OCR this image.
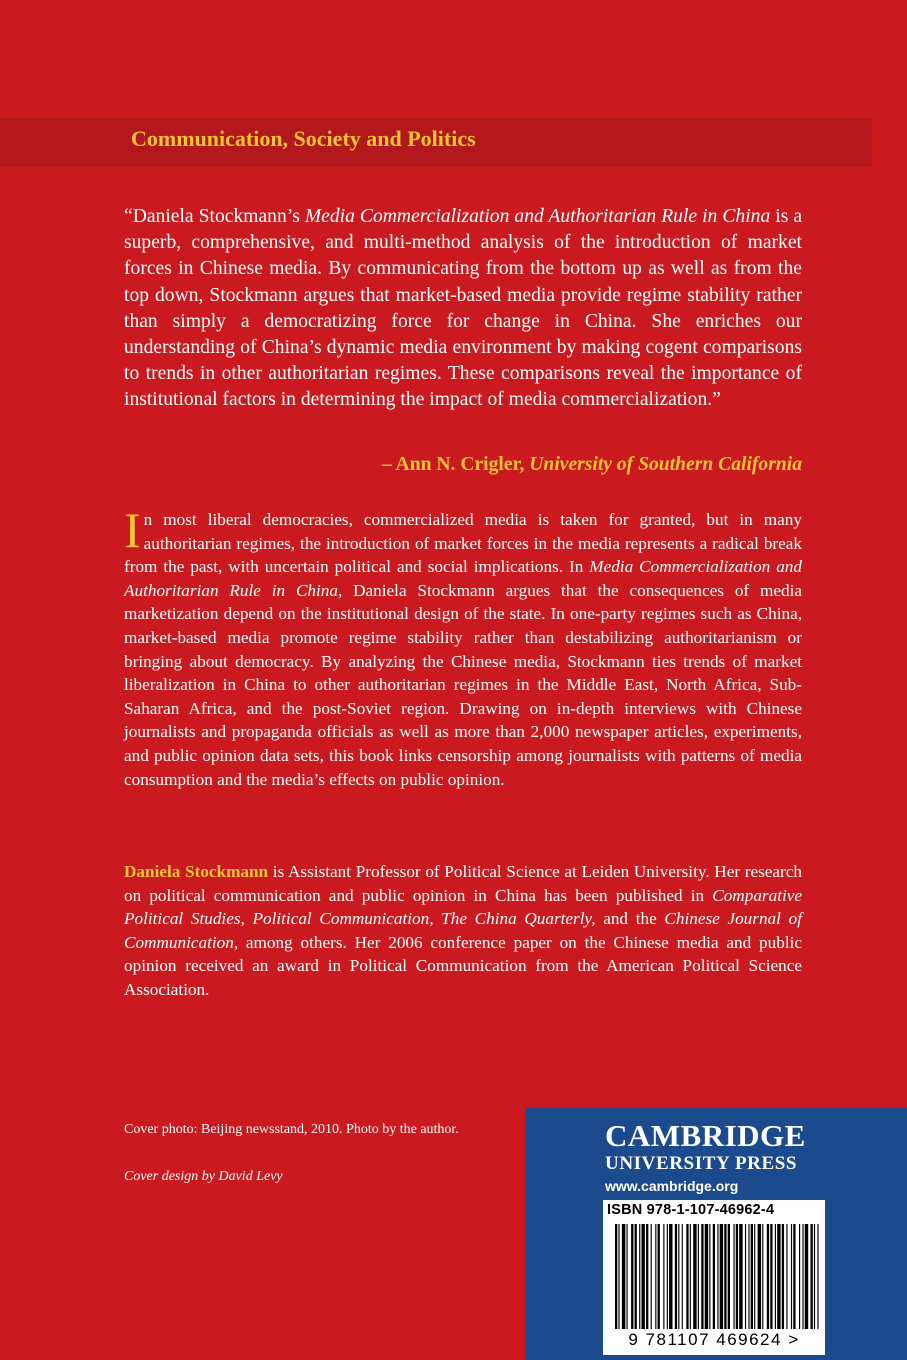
Communication, Society and Politics

“Daniela Stockmann’s Media Commercialization and Authoritarian Rule in China is a superb, comprehensive, and multi-method analysis of the introduction of market forces in Chinese media. By communicating from the bottom up as well as from the top down, Stockmann argues that market-based media provide regime stability rather than simply a democratizing force for change in China. She enriches our understanding of China’s dynamic media environment by making cogent comparisons to trends in other authoritarian regimes. These comparisons reveal the importance of institutional factors in determining the impact of media commercialization.”

– Ann N. Crigler, University of Southern California

In most liberal democracies, commercialized media is taken for granted, but in many authoritarian regimes, the introduction of market forces in the media represents a radical break from the past, with uncertain political and social implications. In Media Commercialization and Authoritarian Rule in China, Daniela Stockmann argues that the consequences of media marketization depend on the institutional design of the state. In one-party regimes such as China, market-based media promote regime stability rather than destabilizing authoritarianism or bringing about democracy. By analyzing the Chinese media, Stockmann ties trends of market liberalization in China to other authoritarian regimes in the Middle East, North Africa, Sub-Saharan Africa, and the post-Soviet region. Drawing on in-depth interviews with Chinese journalists and propaganda officials as well as more than 2,000 newspaper articles, experiments, and public opinion data sets, this book links censorship among journalists with patterns of media consumption and the media’s effects on public opinion.

Daniela Stockmann is Assistant Professor of Political Science at Leiden University. Her research on political communication and public opinion in China has been published in Comparative Political Studies, Political Communication, The China Quarterly, and the Chinese Journal of Communication, among others. Her 2006 conference paper on the Chinese media and public opinion received an award in Political Communication from the American Political Science Association.

Cover photo: Beijing newsstand, 2010. Photo by the author.
Cover design by David Levy
CAMBRIDGE
UNIVERSITY PRESS
www.cambridge.org
ISBN 978-1-107-46962-4
9 781107 469624 >
